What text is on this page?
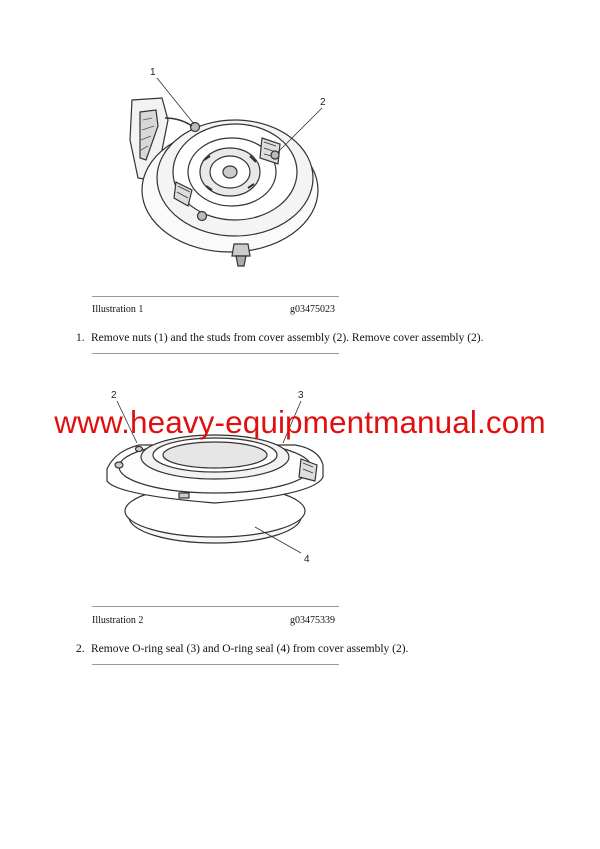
1
2
Illustration 1	g03475023
1. Remove nuts (1) and the studs from cover assembly (2). Remove cover assembly (2).
2	3
4
www.heavy-equipmentmanual.com
Illustration 2	g03475339
2. Remove O-ring seal (3) and O-ring seal (4) from cover assembly (2).
